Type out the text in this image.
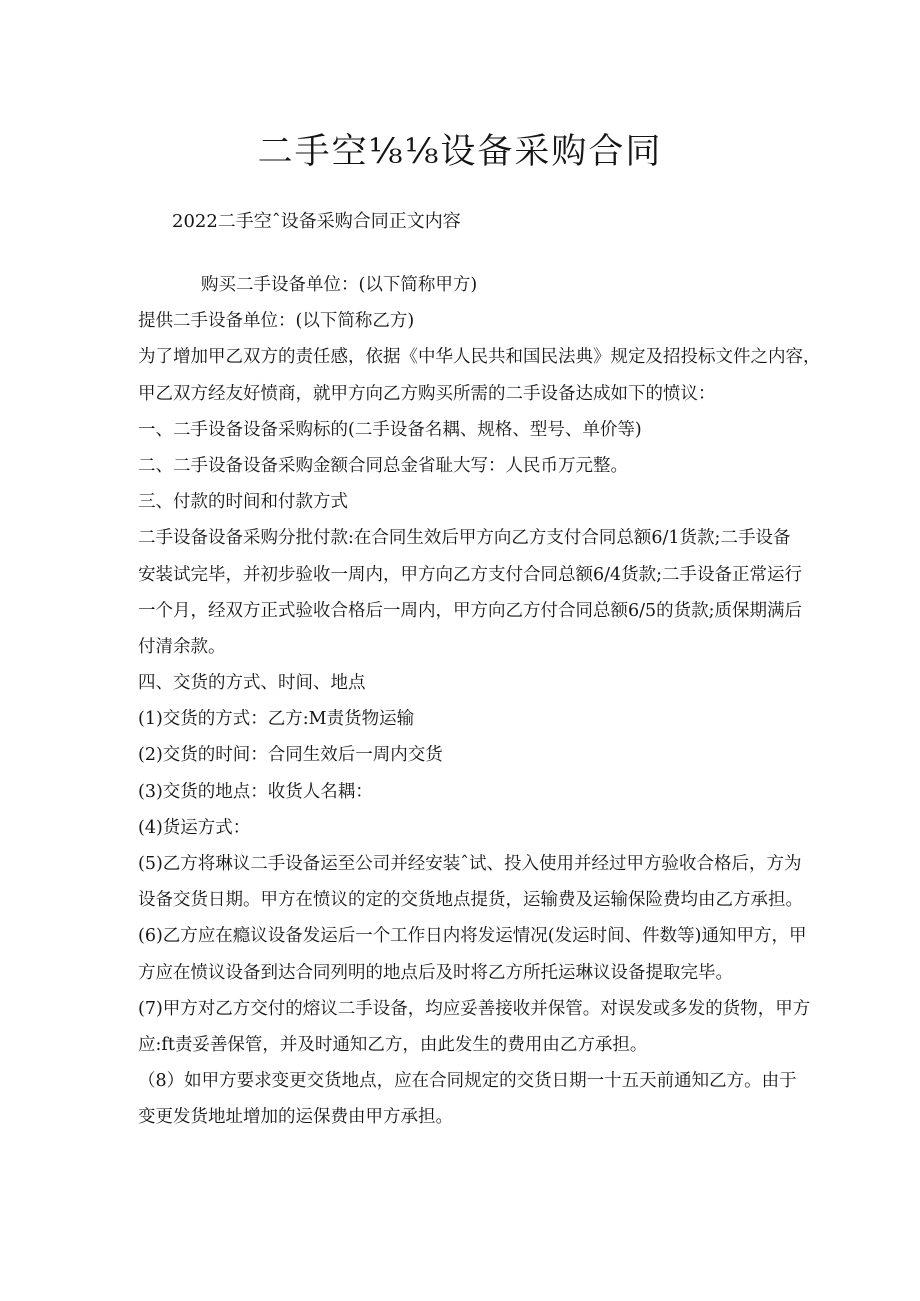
二手空⅛⅛设备采购合同
2022二手空ˆ设备采购合同正文内容
购买二手设备单位：(以下简称甲方)
提供二手设备单位：(以下简称乙方)
为了增加甲乙双方的责任感，依据《中华人民共和国民法典》规定及招投标文件之内容，
甲乙双方经友好愤商，就甲方向乙方购买所需的二手设备达成如下的愤议：
一、二手设备设备采购标的(二手设备名耦、规格、型号、单价等)
二、二手设备设备采购金额合同总金省耻大写：人民币万元整。
三、付款的时间和付款方式
二手设备设备采购分批付款:在合同生效后甲方向乙方支付合同总额6/1货款;二手设备
安装试完毕，并初步验收一周内，甲方向乙方支付合同总额6/4货款;二手设备正常运行
一个月，经双方正式验收合格后一周内，甲方向乙方付合同总额6/5的货款;质保期满后
付清余款。
四、交货的方式、时间、地点
(1)交货的方式：乙方:M责货物运输
(2)交货的时间：合同生效后一周内交货
(3)交货的地点：收货人名耦：
(4)货运方式：
(5)乙方将琳议二手设备运至公司并经安装ˆ试、投入使用并经过甲方验收合格后，方为
设备交货日期。甲方在愤议的定的交货地点提货，运输费及运输保险费均由乙方承担。
(6)乙方应在瘾议设备发运后一个工作日内将发运情况(发运时间、件数等)通知甲方，甲
方应在愤议设备到达合同列明的地点后及时将乙方所托运琳议设备提取完毕。
(7)甲方对乙方交付的熔议二手设备，均应妥善接收并保管。对误发或多发的货物，甲方
应:ft责妥善保管，并及时通知乙方，由此发生的费用由乙方承担。
（8）如甲方要求变更交货地点，应在合同规定的交货日期一十五天前通知乙方。由于
变更发货地址增加的运保费由甲方承担。
